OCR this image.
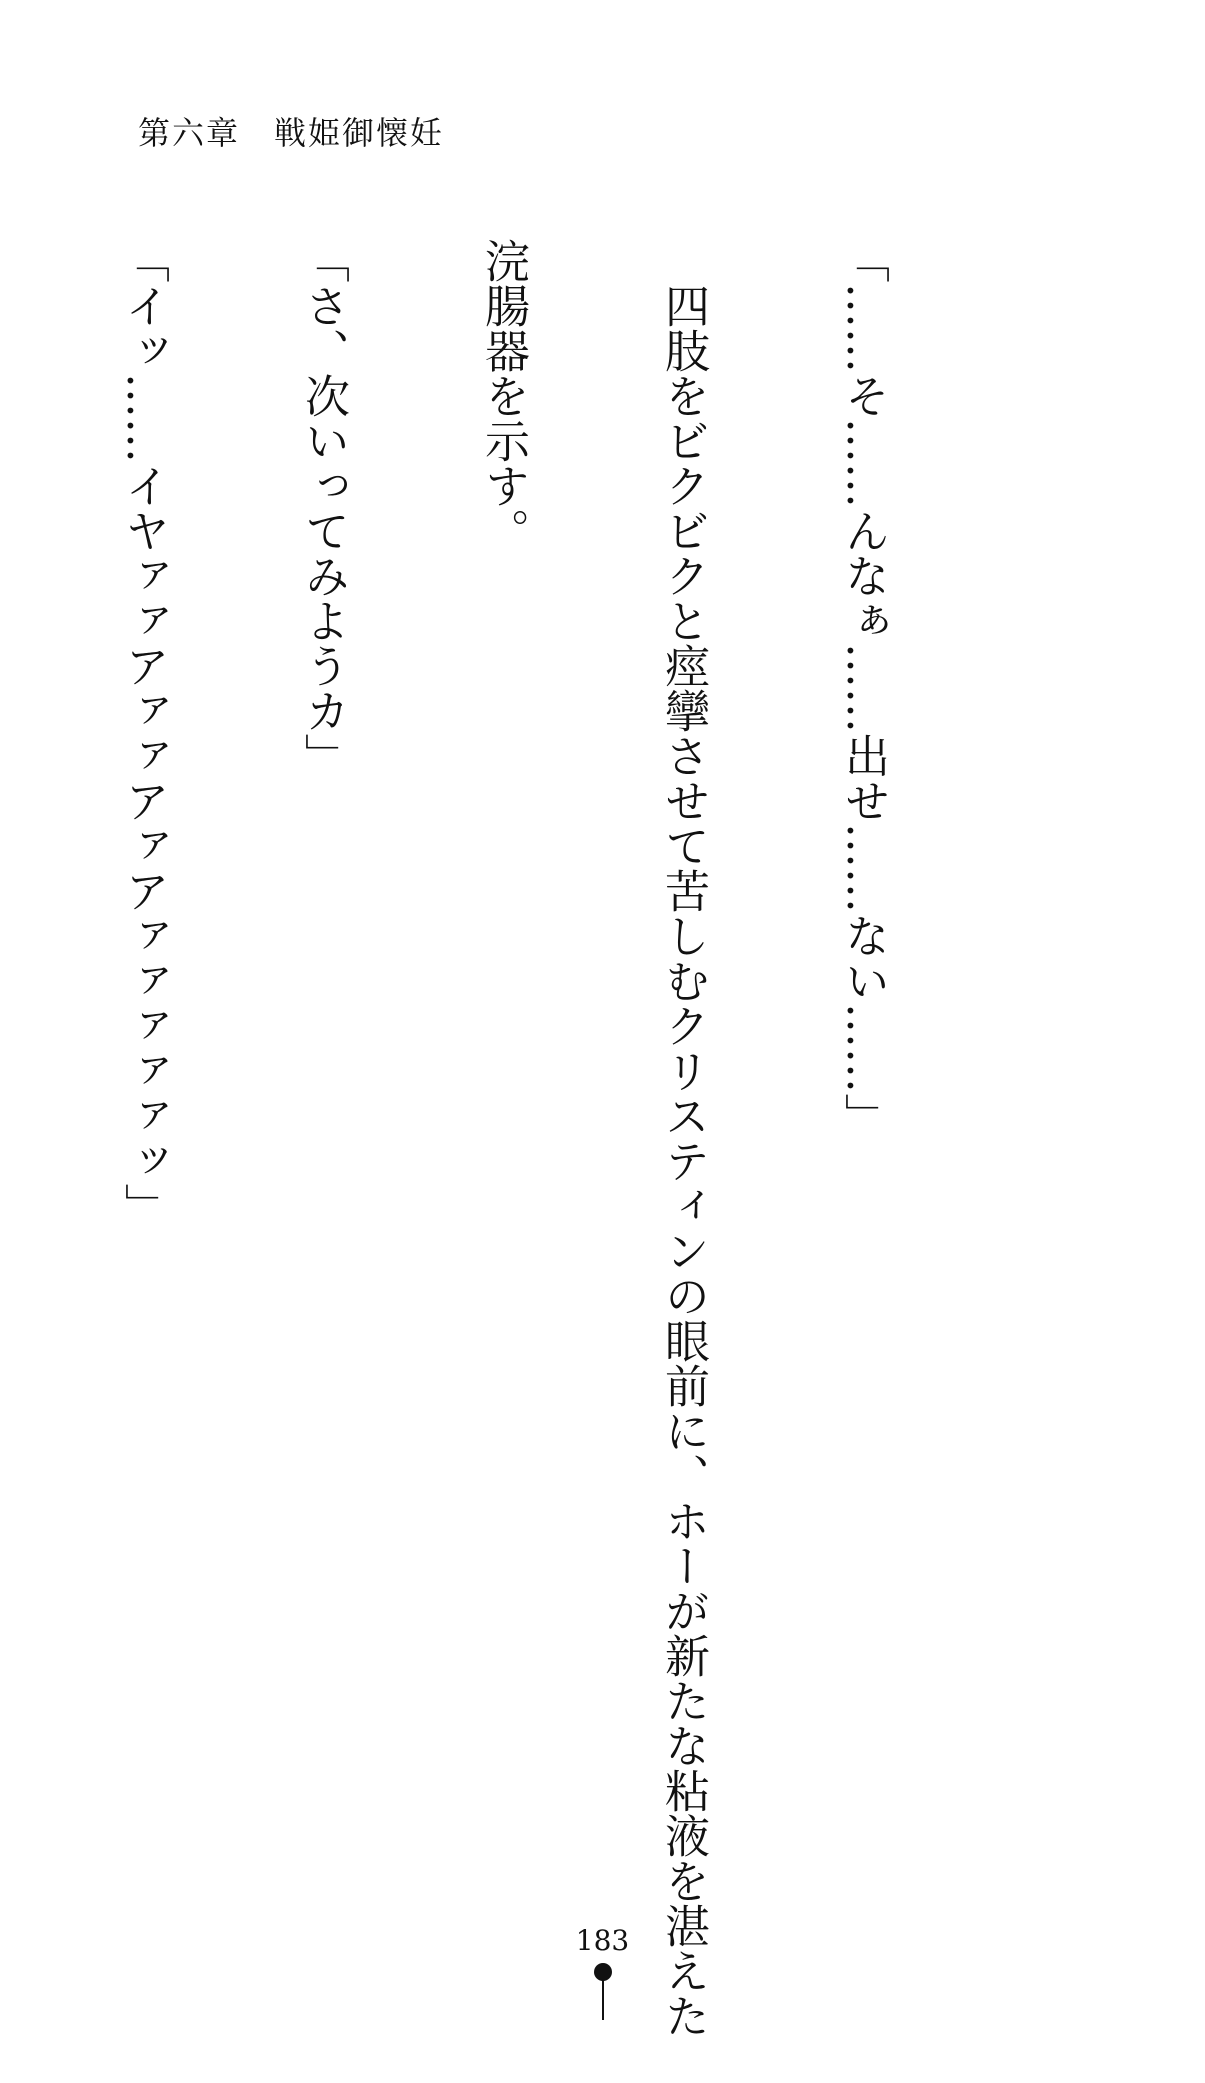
第六章　戦姫御懐妊

「……そ……んなぁ……出せ……ない……」

　四肢をビクビクと痙攣させて苦しむクリスティンの眼前に、ホーが新たな粘液を湛えた

浣腸器を示す。

「さ、次いってみようカ」

「イッ……イヤァァアァァアァアァァァァァッ」

183
